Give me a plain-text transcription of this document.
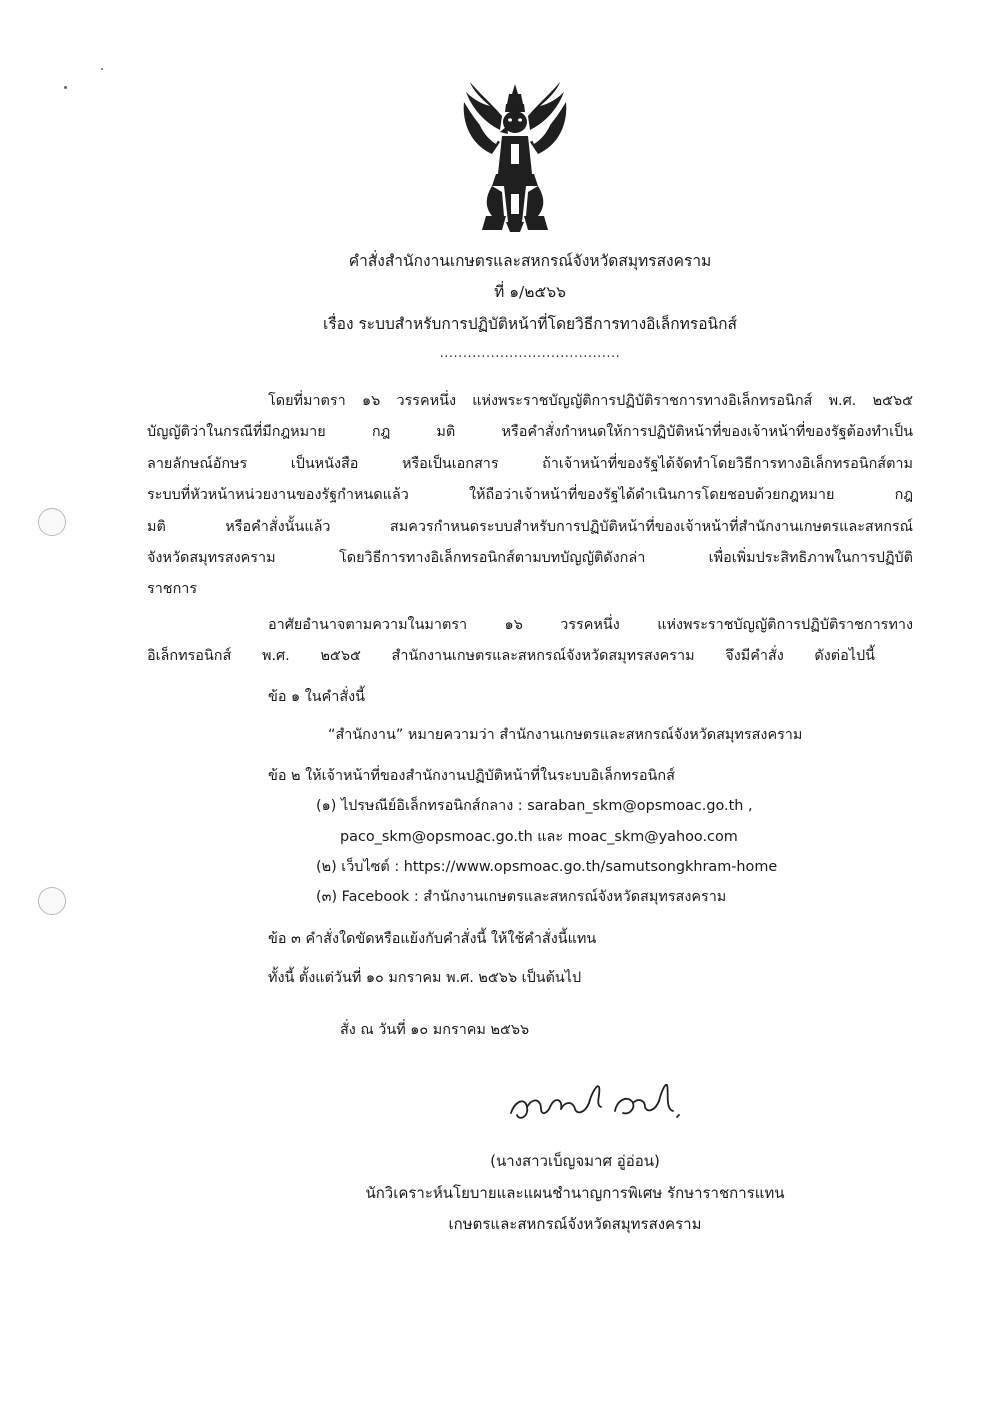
คำสั่งสำนักงานเกษตรและสหกรณ์จังหวัดสมุทรสงคราม
ที่ ๑/๒๕๖๖
เรื่อง ระบบสำหรับการปฏิบัติหน้าที่โดยวิธีการทางอิเล็กทรอนิกส์
.......................................
โดยที่มาตรา ๑๖ วรรคหนึ่ง แห่งพระราชบัญญัติการปฏิบัติราชการทางอิเล็กทรอนิกส์ พ.ศ. ๒๕๖๕
บัญญัติว่าในกรณีที่มีกฎหมาย กฎ มติ หรือคำสั่งกำหนดให้การปฏิบัติหน้าที่ของเจ้าหน้าที่ของรัฐต้องทำเป็น
ลายลักษณ์อักษร เป็นหนังสือ หรือเป็นเอกสาร ถ้าเจ้าหน้าที่ของรัฐได้จัดทำโดยวิธีการทางอิเล็กทรอนิกส์ตาม
ระบบที่หัวหน้าหน่วยงานของรัฐกำหนดแล้ว ให้ถือว่าเจ้าหน้าที่ของรัฐได้ดำเนินการโดยชอบด้วยกฎหมาย กฎ
มติ หรือคำสั่งนั้นแล้ว สมควรกำหนดระบบสำหรับการปฏิบัติหน้าที่ของเจ้าหน้าที่สำนักงานเกษตรและสหกรณ์
จังหวัดสมุทรสงคราม โดยวิธีการทางอิเล็กทรอนิกส์ตามบทบัญญัติดังกล่า เพื่อเพิ่มประสิทธิภาพในการปฏิบัติ
ราชการ
อาศัยอำนาจตามความในมาตรา ๑๖ วรรคหนึ่ง แห่งพระราชบัญญัติการปฏิบัติราชการทาง
อิเล็กทรอนิกส์ พ.ศ. ๒๕๖๕ สำนักงานเกษตรและสหกรณ์จังหวัดสมุทรสงคราม จึงมีคำสั่ง ดังต่อไปนี้
ข้อ ๑ ในคำสั่งนี้
“สำนักงาน” หมายความว่า สำนักงานเกษตรและสหกรณ์จังหวัดสมุทรสงคราม
ข้อ ๒ ให้เจ้าหน้าที่ของสำนักงานปฏิบัติหน้าที่ในระบบอิเล็กทรอนิกส์
(๑) ไปรษณีย์อิเล็กทรอนิกส์กลาง : saraban_skm@opsmoac.go.th ,
paco_skm@opsmoac.go.th และ moac_skm@yahoo.com
(๒) เว็บไซต์ : https://www.opsmoac.go.th/samutsongkhram-home
(๓) Facebook : สำนักงานเกษตรและสหกรณ์จังหวัดสมุทรสงคราม
ข้อ ๓ คำสั่งใดขัดหรือแย้งกับคำสั่งนี้ ให้ใช้คำสั่งนี้แทน
ทั้งนี้ ตั้งแต่วันที่ ๑๐ มกราคม พ.ศ. ๒๕๖๖ เป็นต้นไป
สั่ง ณ วันที่ ๑๐ มกราคม ๒๕๖๖
(นางสาวเบ็ญจมาศ อู่อ่อน)
นักวิเคราะห์นโยบายและแผนชำนาญการพิเศษ รักษาราชการแทน
เกษตรและสหกรณ์จังหวัดสมุทรสงคราม
